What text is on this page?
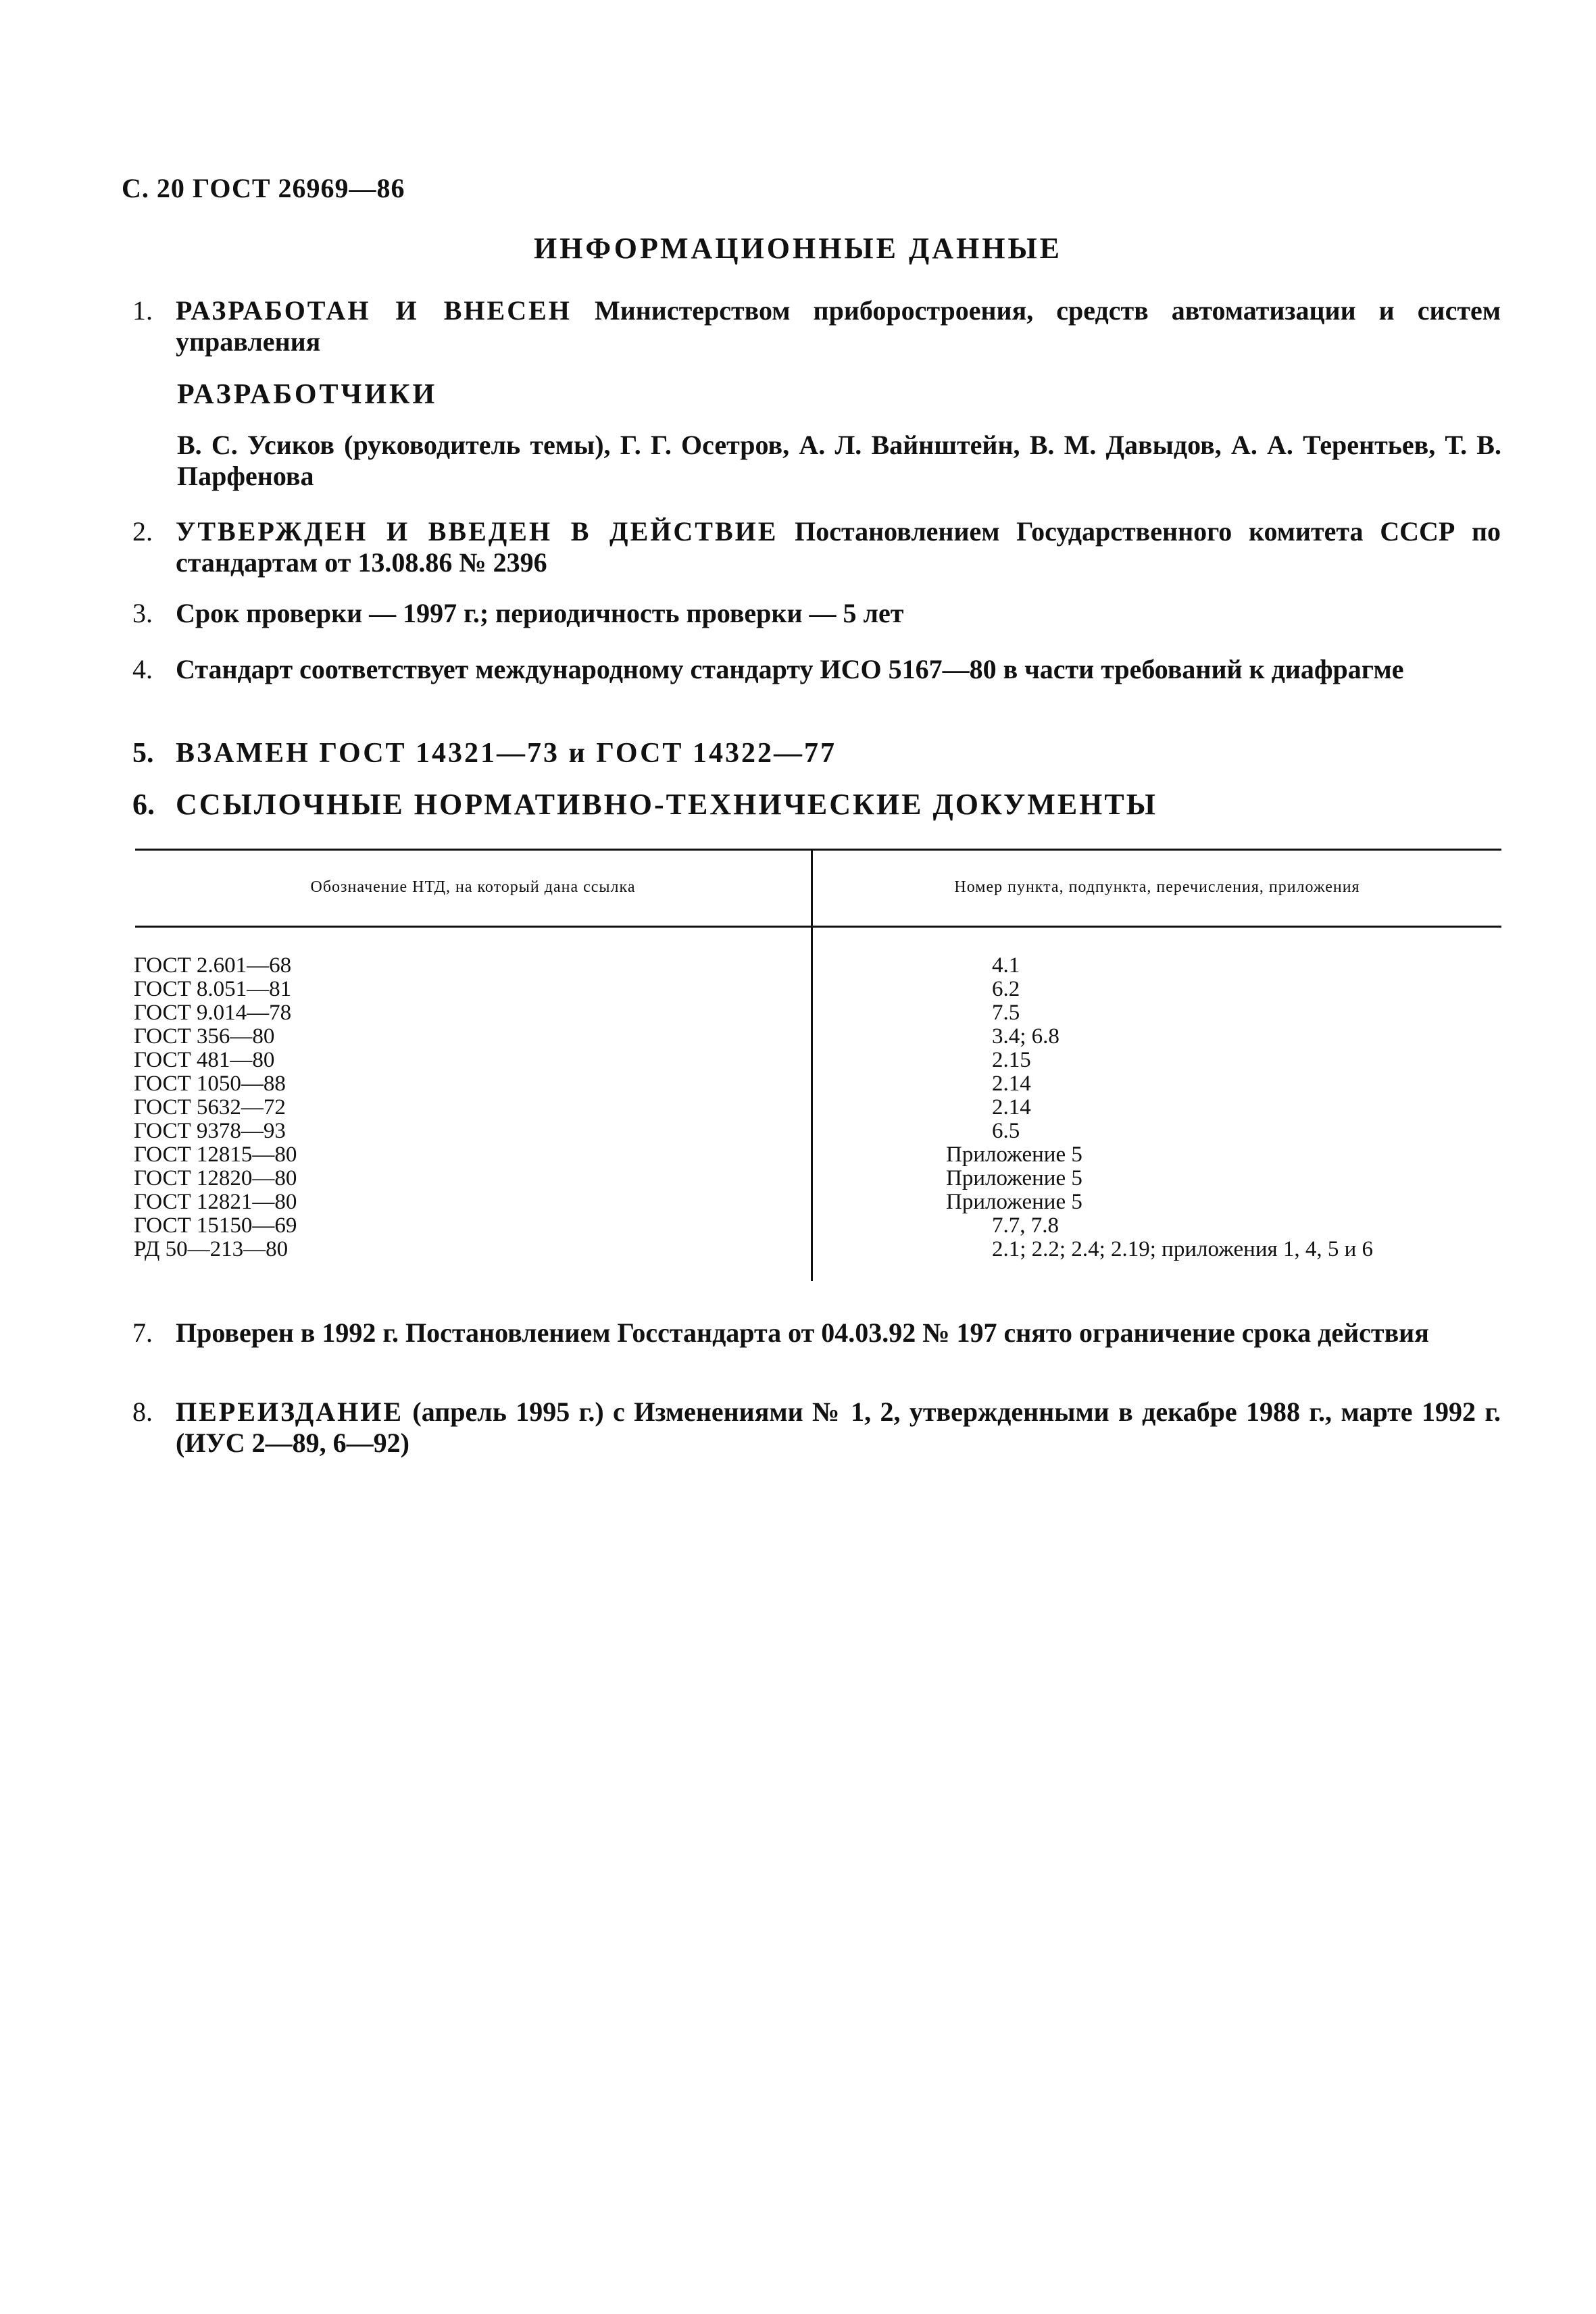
С. 20 ГОСТ 26969—86
ИНФОРМАЦИОННЫЕ ДАННЫЕ
1. РАЗРАБОТАН И ВНЕСЕН Министерством приборостроения, средств автоматизации и систем управления
РАЗРАБОТЧИКИ
В. С. Усиков (руководитель темы), Г. Г. Осетров, А. Л. Вайнштейн, В. М. Давыдов, А. А. Терентьев, Т. В. Парфенова
2. УТВЕРЖДЕН И ВВЕДЕН В ДЕЙСТВИЕ Постановлением Государственного комитета СССР по стандартам от 13.08.86 № 2396
3. Срок проверки — 1997 г.; периодичность проверки — 5 лет
4. Стандарт соответствует международному стандарту ИСО 5167—80 в части требований к диафрагме
5. ВЗАМЕН ГОСТ 14321—73 и ГОСТ 14322—77
6. ССЫЛОЧНЫЕ НОРМАТИВНО-ТЕХНИЧЕСКИЕ ДОКУМЕНТЫ
Обозначение НТД, на который дана ссылка	Номер пункта, подпункта, перечисления, приложения
ГОСТ 2.601—68
ГОСТ 8.051—81
ГОСТ 9.014—78
ГОСТ 356—80
ГОСТ 481—80
ГОСТ 1050—88
ГОСТ 5632—72
ГОСТ 9378—93
ГОСТ 12815—80
ГОСТ 12820—80
ГОСТ 12821—80
ГОСТ 15150—69
РД 50—213—80
4.1
6.2
7.5
3.4; 6.8
2.15
2.14
2.14
6.5
Приложение 5
Приложение 5
Приложение 5
7.7, 7.8
2.1; 2.2; 2.4; 2.19; приложения 1, 4, 5 и 6
7. Проверен в 1992 г. Постановлением Госстандарта от 04.03.92 № 197 снято ограничение срока действия
8. ПЕРЕИЗДАНИЕ (апрель 1995 г.) с Изменениями № 1, 2, утвержденными в декабре 1988 г., марте 1992 г. (ИУС 2—89, 6—92)
